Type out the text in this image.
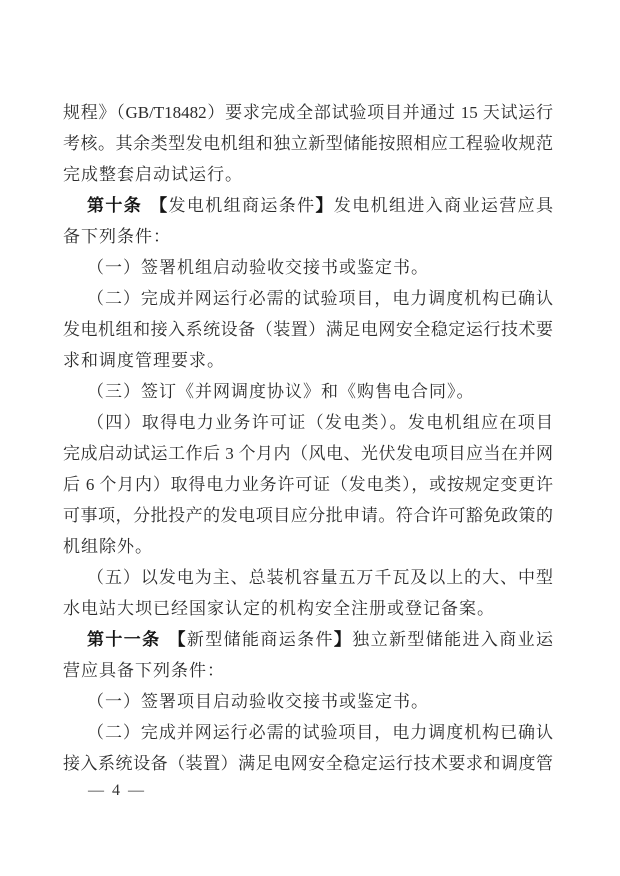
规程》（GB/T18482）要求完成全部试验项目并通过 15 天试运行
考核。其余类型发电机组和独立新型储能按照相应工程验收规范
完成整套启动试运行。
第十条 【发电机组商运条件】发电机组进入商业运营应具
备下列条件：
（一）签署机组启动验收交接书或鉴定书。
（二）完成并网运行必需的试验项目，电力调度机构已确认
发电机组和接入系统设备（装置）满足电网安全稳定运行技术要
求和调度管理要求。
（三）签订《并网调度协议》和《购售电合同》。
（四）取得电力业务许可证（发电类）。发电机组应在项目
完成启动试运工作后 3 个月内（风电、光伏发电项目应当在并网
后 6 个月内）取得电力业务许可证（发电类），或按规定变更许
可事项，分批投产的发电项目应分批申请。符合许可豁免政策的
机组除外。
（五）以发电为主、总装机容量五万千瓦及以上的大、中型
水电站大坝已经国家认定的机构安全注册或登记备案。
第十一条 【新型储能商运条件】独立新型储能进入商业运
营应具备下列条件：
（一）签署项目启动验收交接书或鉴定书。
（二）完成并网运行必需的试验项目，电力调度机构已确认
接入系统设备（装置）满足电网安全稳定运行技术要求和调度管
— 4 —
